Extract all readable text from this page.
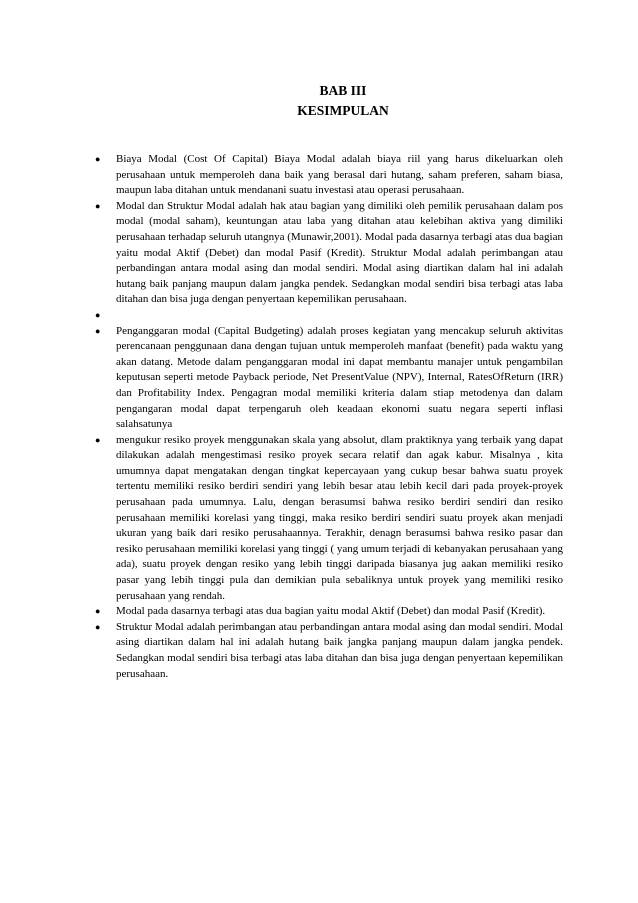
BAB III
KESIMPULAN
● Biaya Modal (Cost Of Capital) Biaya Modal adalah biaya riil yang harus dikeluarkan oleh perusahaan untuk memperoleh dana baik yang berasal dari hutang, saham preferen, saham biasa, maupun laba ditahan untuk mendanani suatu investasi atau operasi perusahaan.
● Modal dan Struktur Modal adalah hak atau bagian yang dimiliki oleh pemilik perusahaan dalam pos modal (modal saham), keuntungan atau laba yang ditahan atau kelebihan aktiva yang dimiliki perusahaan terhadap seluruh utangnya (Munawir,2001). Modal pada dasarnya terbagi atas dua bagian yaitu modal Aktif (Debet) dan modal Pasif (Kredit). Struktur Modal adalah perimbangan atau perbandingan antara modal asing dan modal sendiri. Modal asing diartikan dalam hal ini adalah hutang baik panjang maupun dalam jangka pendek. Sedangkan modal sendiri bisa terbagi atas laba ditahan dan bisa juga dengan penyertaan kepemilikan perusahaan.
●
● Penganggaran modal (Capital Budgeting) adalah proses kegiatan yang mencakup seluruh aktivitas perencanaan penggunaan dana dengan tujuan untuk memperoleh manfaat (benefit) pada waktu yang akan datang. Metode dalam penganggaran modal ini dapat membantu manajer untuk pengambilan keputusan seperti metode Payback periode, Net PresentValue (NPV), Internal, RatesOfReturn (IRR) dan Profitability Index. Pengagran modal memiliki kriteria dalam stiap metodenya dan dalam pengangaran modal dapat terpengaruh oleh keadaan ekonomi suatu negara seperti inflasi salahsatunya
● mengukur resiko proyek menggunakan skala yang absolut, dlam praktiknya yang terbaik yang dapat dilakukan adalah mengestimasi resiko proyek secara relatif dan agak kabur. Misalnya , kita umumnya dapat mengatakan dengan tingkat kepercayaan yang cukup besar bahwa suatu proyek tertentu memiliki resiko berdiri sendiri yang lebih besar atau lebih kecil dari pada proyek-proyek perusahaan pada umumnya. Lalu, dengan berasumsi bahwa resiko berdiri sendiri dan resiko perusahaan memiliki korelasi yang tinggi, maka resiko berdiri sendiri suatu proyek akan menjadi ukuran yang baik dari resiko perusahaannya. Terakhir, denagn berasumsi bahwa resiko pasar dan resiko perusahaan memiliki korelasi yang tinggi ( yang umum terjadi di kebanyakan perusahaan yang ada), suatu proyek dengan resiko yang lebih tinggi daripada biasanya jug aakan memiliki resiko pasar yang lebih tinggi pula dan demikian pula sebaliknya untuk proyek yang memiliki resiko perusahaan yang rendah.
● Modal pada dasarnya terbagi atas dua bagian yaitu modal Aktif (Debet) dan modal Pasif (Kredit).
● Struktur Modal adalah perimbangan atau perbandingan antara modal asing dan modal sendiri. Modal asing diartikan dalam hal ini adalah hutang baik jangka panjang maupun dalam jangka pendek. Sedangkan modal sendiri bisa terbagi atas laba ditahan dan bisa juga dengan penyertaan kepemilikan perusahaan.
